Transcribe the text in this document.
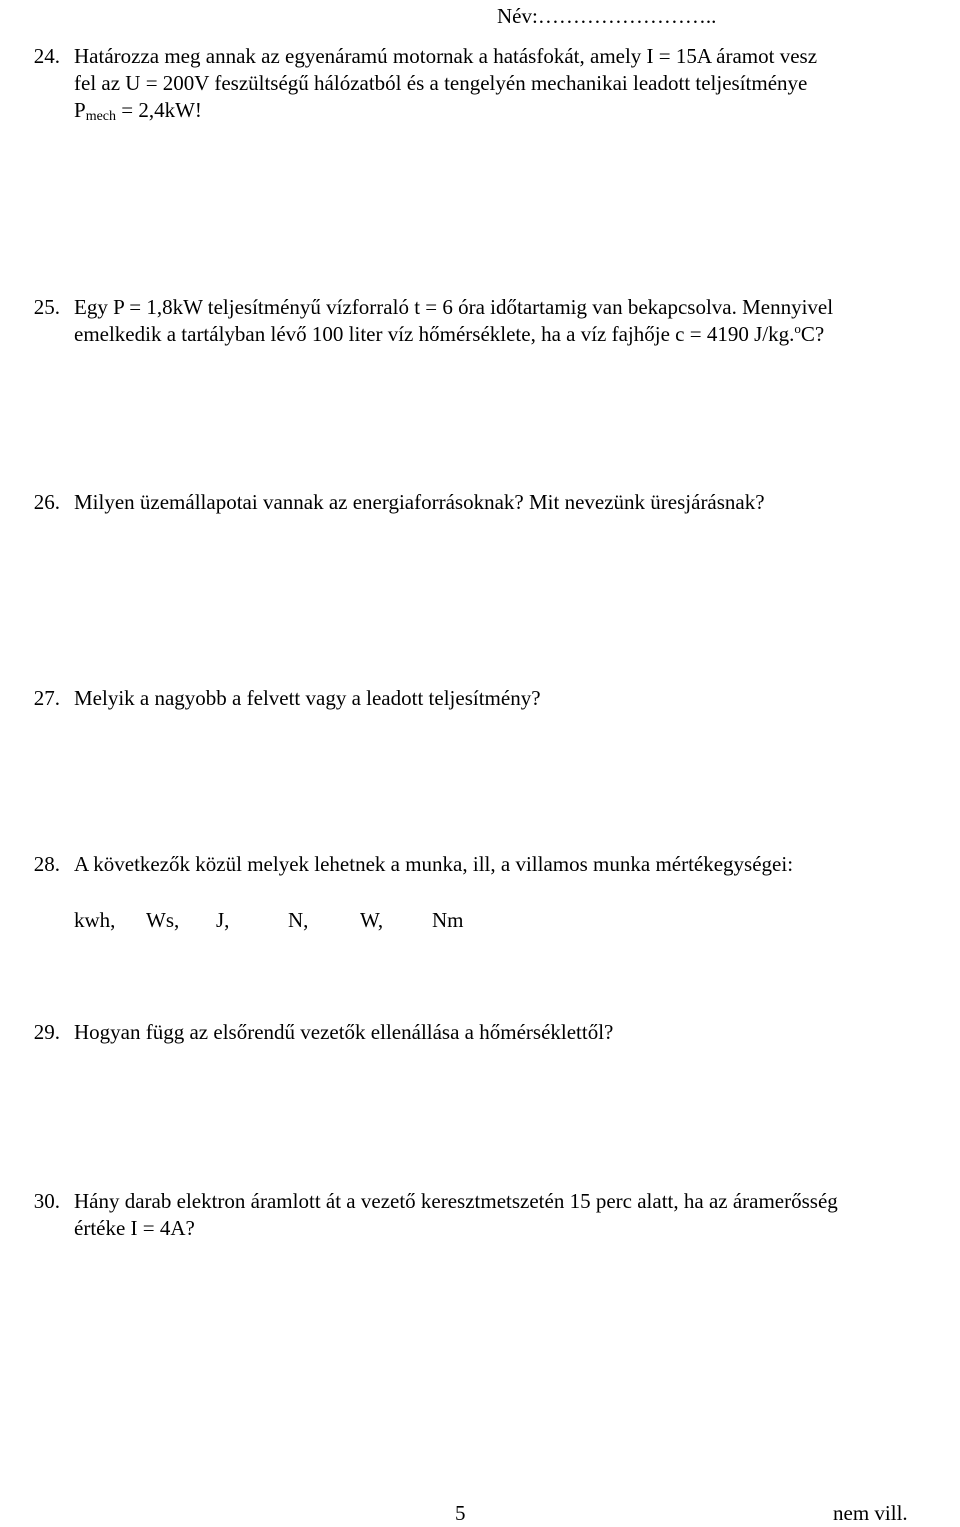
Név:……………………..
24. Határozza meg annak az egyenáramú motornak a hatásfokát, amely I = 15A áramot vesz
fel az U = 200V feszültségű hálózatból és a tengelyén mechanikai leadott teljesítménye
$P_{mech} = 2,4kW$!
25. Egy P = 1,8kW teljesítményű vízforraló t = 6 óra időtartamig van bekapcsolva. Mennyivel
emelkedik a tartályban lévő 100 liter víz hőmérséklete, ha a víz fajhője c = 4190 J/kg.$^o$C?
26. Milyen üzemállapotai vannak az energiaforrásoknak? Mit nevezünk üresjárásnak?
27. Melyik a nagyobb a felvett vagy a leadott teljesítmény?
28. A következők közül melyek lehetnek a munka, ill, a villamos munka mértékegységei:
kwh, Ws, J,	N, W, Nm
29. Hogyan függ az elsőrendű vezetők ellenállása a hőmérséklettől?
30. Hány darab elektron áramlott át a vezető keresztmetszetén 15 perc alatt, ha az áramerősség
értéke I = 4A?
5	nem vill.
